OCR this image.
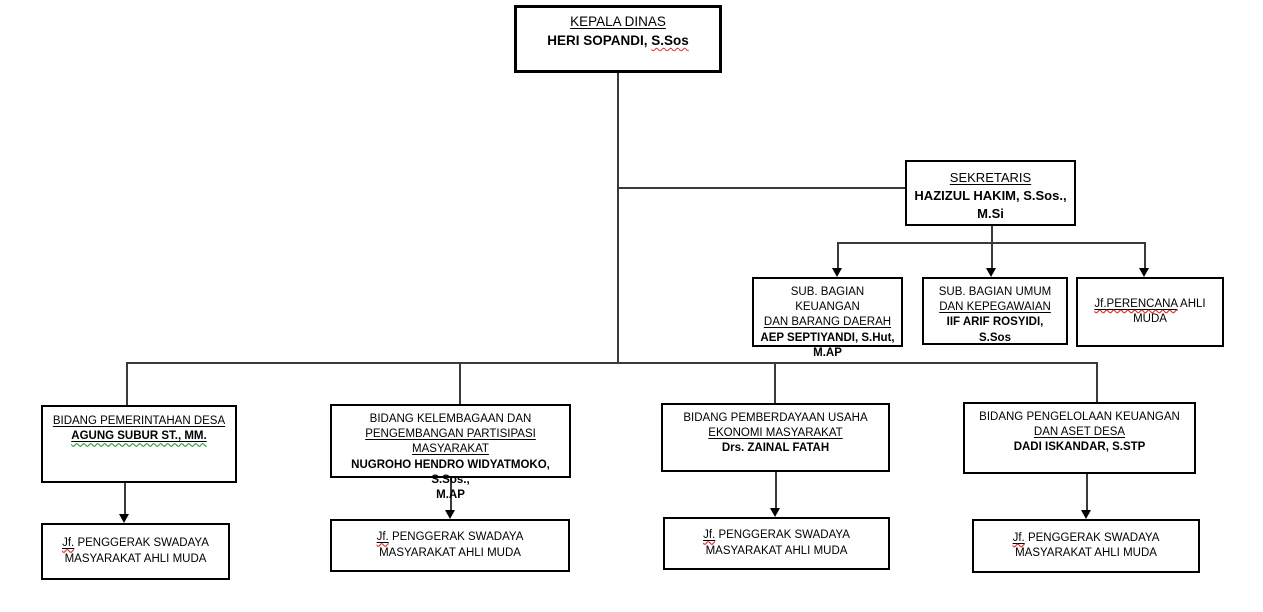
KEPALA DINAS
HERI SOPANDI, S.Sos
SEKRETARIS
HAZIZUL HAKIM, S.Sos., M.Si
SUB. BAGIAN KEUANGAN
DAN BARANG DAERAH
AEP SEPTIYANDI, S.Hut,
M.AP
SUB. BAGIAN UMUM
DAN KEPEGAWAIAN
IIF ARIF ROSYIDI, S.Sos
Jf.PERENCANA AHLI MUDA
BIDANG PEMERINTAHAN DESA
AGUNG SUBUR ST., MM.
BIDANG KELEMBAGAAN DAN
PENGEMBANGAN PARTISIPASI MASYARAKAT
NUGROHO HENDRO WIDYATMOKO, S.Sos.,
M.AP
BIDANG PEMBERDAYAAN USAHA
EKONOMI MASYARAKAT
Drs. ZAINAL FATAH
BIDANG PENGELOLAAN KEUANGAN DAN ASET DESA
DADI ISKANDAR, S.STP
Jf. PENGGERAK SWADAYA MASYARAKAT AHLI MUDA
Jf. PENGGERAK SWADAYA MASYARAKAT AHLI MUDA
Jf. PENGGERAK SWADAYA MASYARAKAT AHLI MUDA
Jf. PENGGERAK SWADAYA MASYARAKAT AHLI MUDA
